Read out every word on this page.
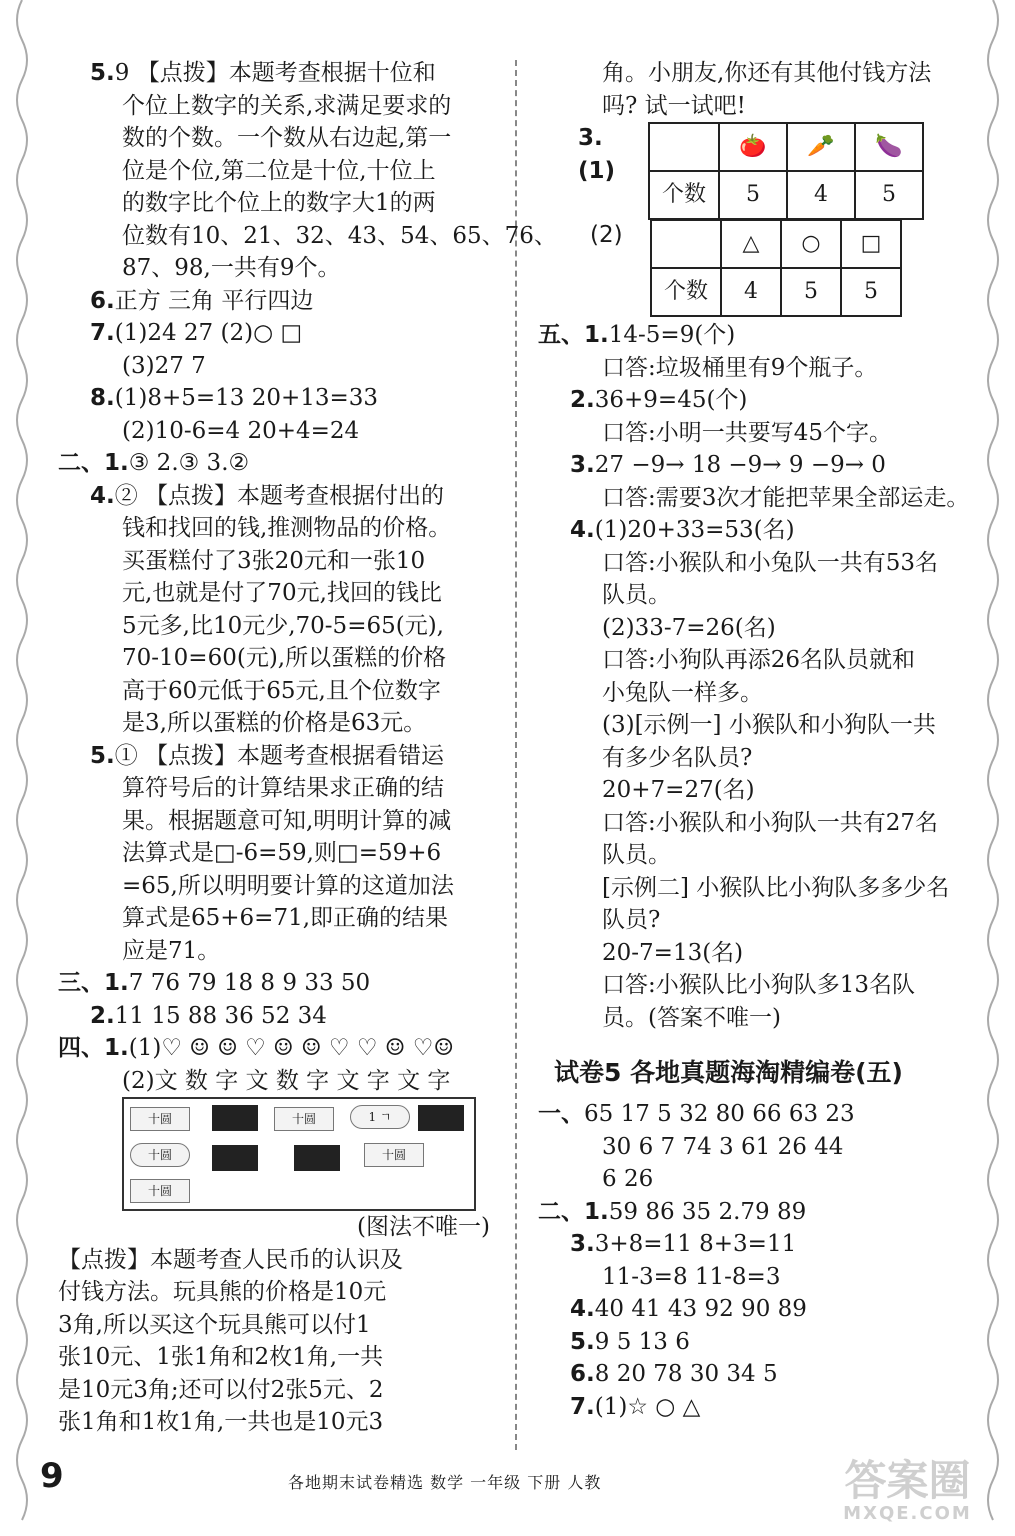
5.9 【点拨】本题考查根据十位和
个位上数字的关系,求满足要求的
数的个数。一个数从右边起,第一
位是个位,第二位是十位,十位上
的数字比个位上的数字大1的两
位数有10、21、32、43、54、65、76、
87、98,一共有9个。
6.正方 三角 平行四边
7.(1)24 27 (2)○ □
(3)27 7
8.(1)8+5=13 20+13=33
(2)10-6=4 20+4=24
二、1.③ 2.③ 3.②
4.② 【点拨】本题考查根据付出的
钱和找回的钱,推测物品的价格。
买蛋糕付了3张20元和一张10
元,也就是付了70元,找回的钱比
5元多,比10元少,70-5=65(元),
70-10=60(元),所以蛋糕的价格
高于60元低于65元,且个位数字
是3,所以蛋糕的价格是63元。
5.① 【点拨】本题考查根据看错运
算符号后的计算结果求正确的结
果。根据题意可知,明明计算的减
法算式是□-6=59,则□=59+6
=65,所以明明要计算的这道加法
算式是65+6=71,即正确的结果
应是71。
三、1.7 76 79 18 8 9 33 50
2.11 15 88 36 52 34
四、1.(1)♡ ☺ ☺ ♡ ☺ ☺ ♡ ♡ ☺ ♡☺
(2)文 数 字 文 数 字 文 字 文 字
十圆	十圆	1 ㄱ
十圆	十圆
十圆
(图法不唯一)
【点拨】本题考查人民币的认识及
付钱方法。玩具熊的价格是10元
3角,所以买这个玩具熊可以付1
张10元、1张1角和2枚1角,一共
是10元3角;还可以付2张5元、2
张1角和1枚1角,一共也是10元3
角。小朋友,你还有其他付钱方法
吗? 试一试吧!
3.(1)
	🍅	🥕	🍆
个数	5	4	5
(2)
		△	○	□
个数	4	5	5
五、1.14-5=9(个)
口答:垃圾桶里有9个瓶子。
2.36+9=45(个)
口答:小明一共要写45个字。
3.27 −9→ 18 −9→ 9 −9→ 0
口答:需要3次才能把苹果全部运走。
4.(1)20+33=53(名)
口答:小猴队和小兔队一共有53名
队员。
(2)33-7=26(名)
口答:小狗队再添26名队员就和
小兔队一样多。
(3)[示例一] 小猴队和小狗队一共
有多少名队员?
20+7=27(名)
口答:小猴队和小狗队一共有27名
队员。
[示例二] 小猴队比小狗队多多少名
队员?
20-7=13(名)
口答:小猴队比小狗队多13名队
员。(答案不唯一)
试卷5 各地真题海淘精编卷(五)
一、65 17 5 32 80 66 63 23
30 6 7 74 3 61 26 44
6 26
二、1.59 86 35 2.79 89
3.3+8=11 8+3=11
11-3=8 11-8=3
4.40 41 43 92 90 89
5.9 5 13 6
6.8 20 78 30 34 5
7.(1)☆ ○ △
9	各地期末试卷精选 数学 一年级 下册 人教	答案圈
MXQE.COM
